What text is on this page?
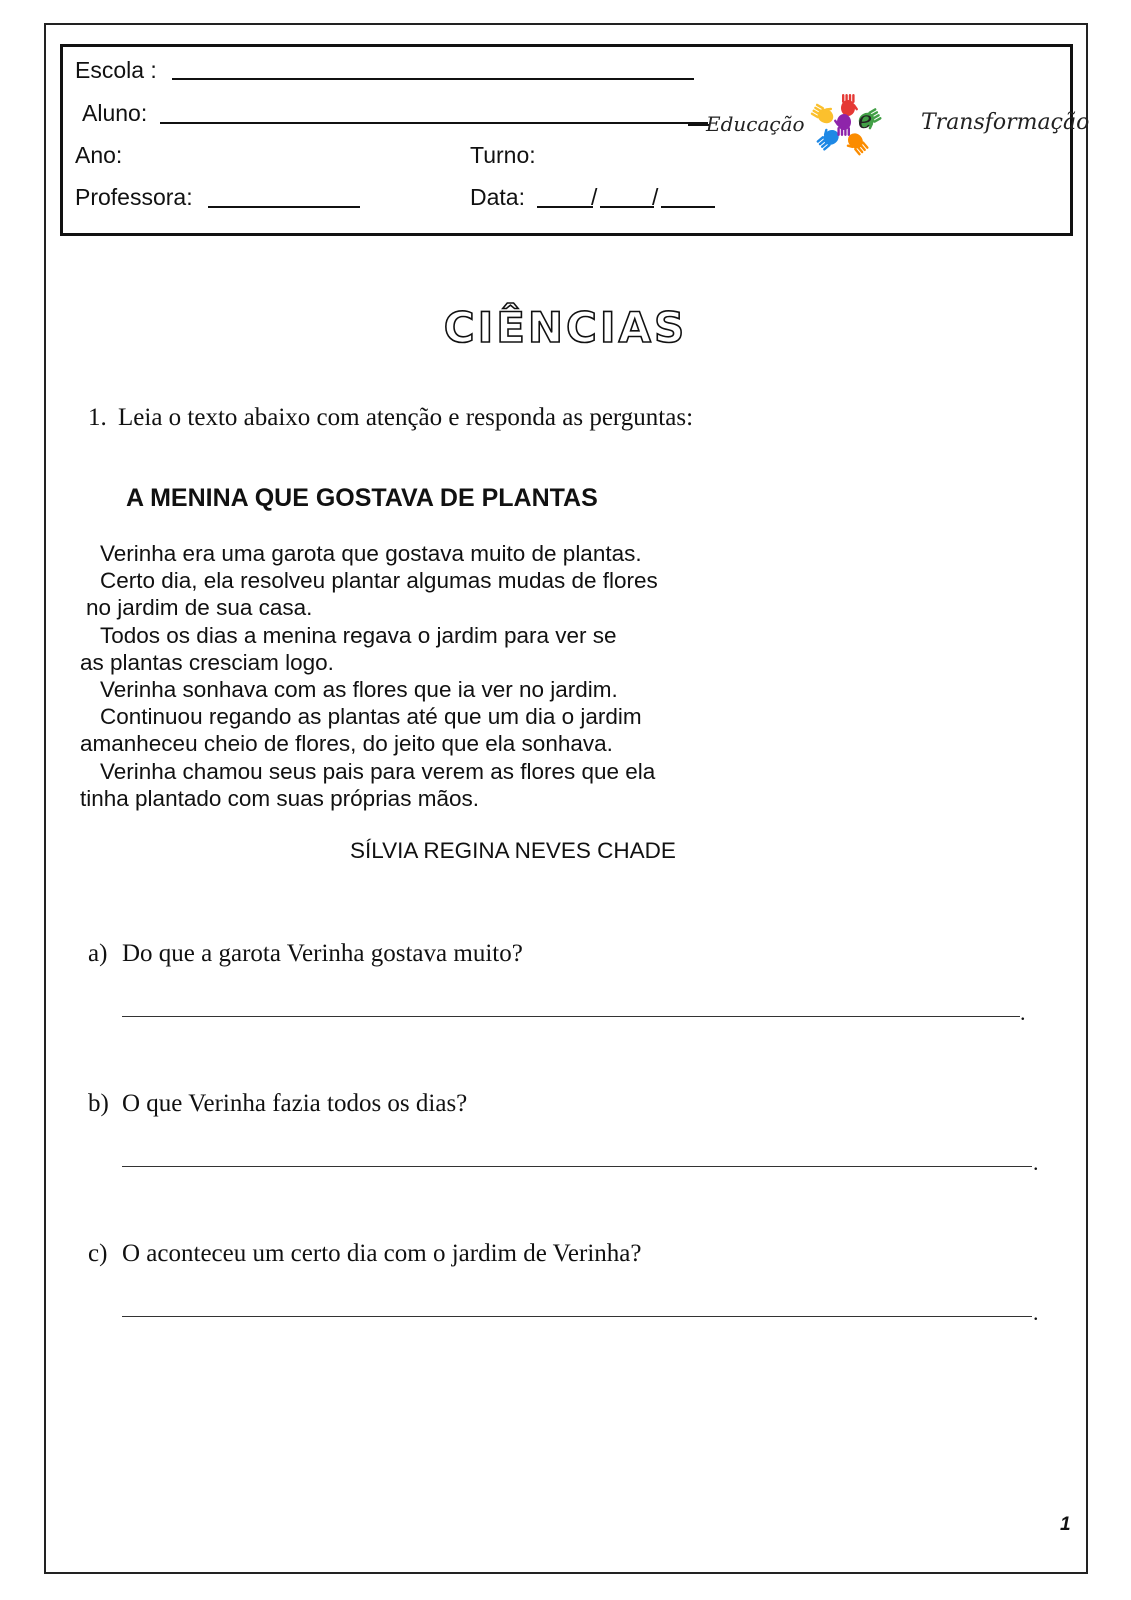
Escola :
Aluno:
Ano:	Turno:
Professora:	Data:	/ /
Educação e Transformação
CIÊNCIAS
1. Leia o texto abaixo com atenção e responda as perguntas:
A MENINA QUE GOSTAVA DE PLANTAS
Verinha era uma garota que gostava muito de plantas.
Certo dia, ela resolveu plantar algumas mudas de flores
no jardim de sua casa.
Todos os dias a menina regava o jardim para ver se
as plantas cresciam logo.
Verinha sonhava com as flores que ia ver no jardim.
Continuou regando as plantas até que um dia o jardim
amanheceu cheio de flores, do jeito que ela sonhava.
Verinha chamou seus pais para verem as flores que ela
tinha plantado com suas próprias mãos.
SÍLVIA REGINA NEVES CHADE
a) Do que a garota Verinha gostava muito?
.
b) O que Verinha fazia todos os dias?
.
c) O aconteceu um certo dia com o jardim de Verinha?
.
1
